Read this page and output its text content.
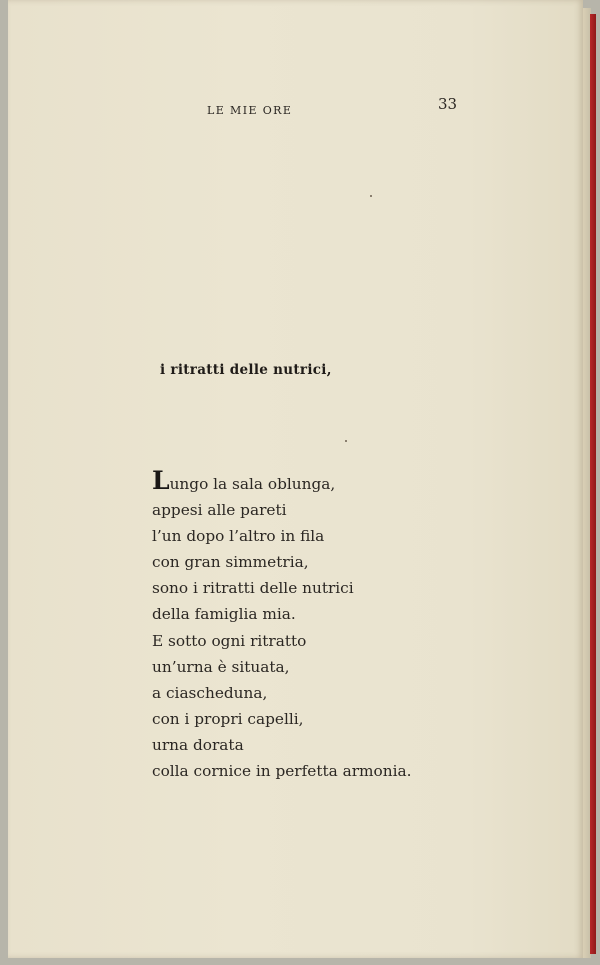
LE MIE ORE	33
i ritratti delle nutrici,
Lungo la sala oblunga,
appesi alle pareti
l’un dopo l’altro in fila
con gran simmetria,
sono i ritratti delle nutrici
della famiglia mia.
E sotto ogni ritratto
un’urna è situata,
a ciascheduna,
con i propri capelli,
urna dorata
colla cornice in perfetta armonia.
